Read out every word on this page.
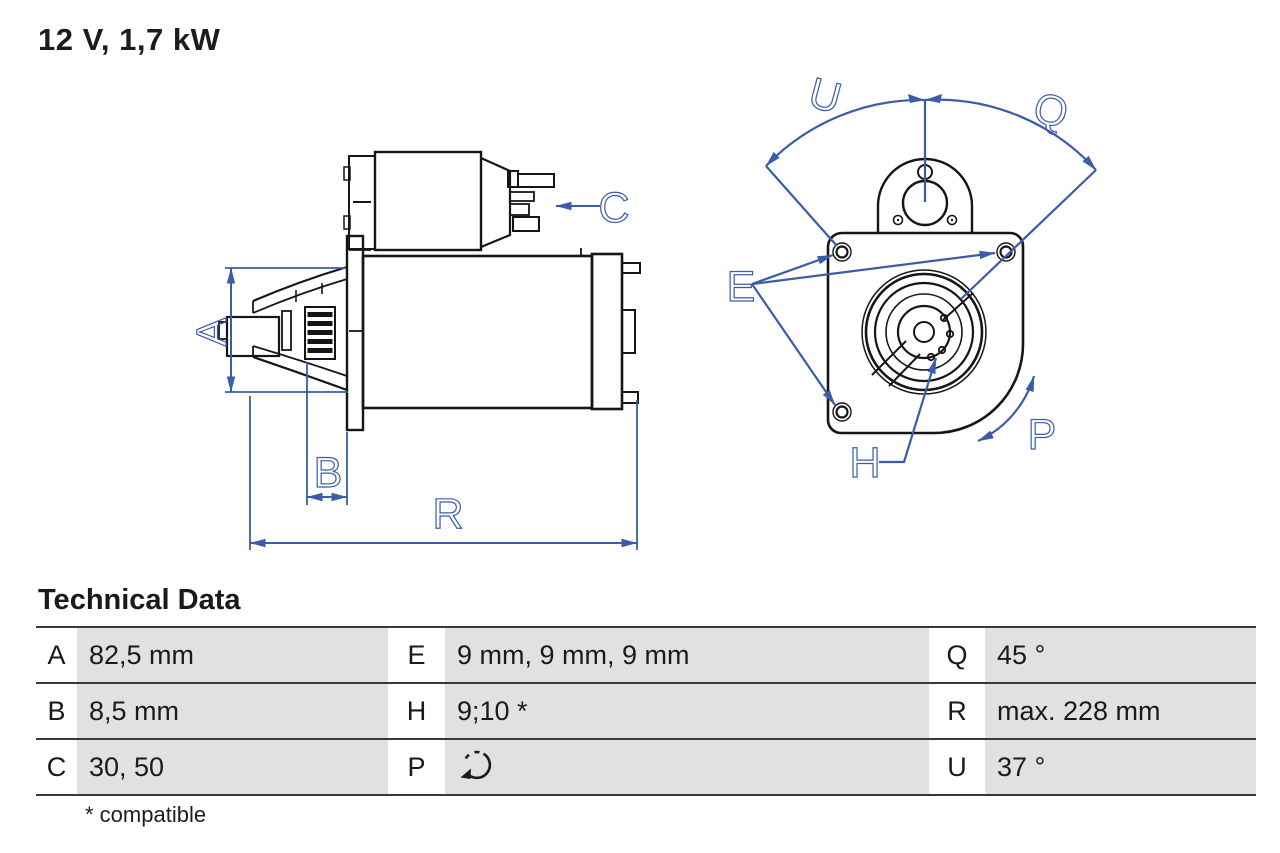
12 V, 1,7 kW
A
B
R
C
U	Q
E
H
P
Technical Data
A 82,5 mm	E	9 mm, 9 mm, 9 mm	Q	45 °
B 8,5 mm	H	9;10 *	R	max. 228 mm
C 30, 50	P	U	37 °
* compatible
